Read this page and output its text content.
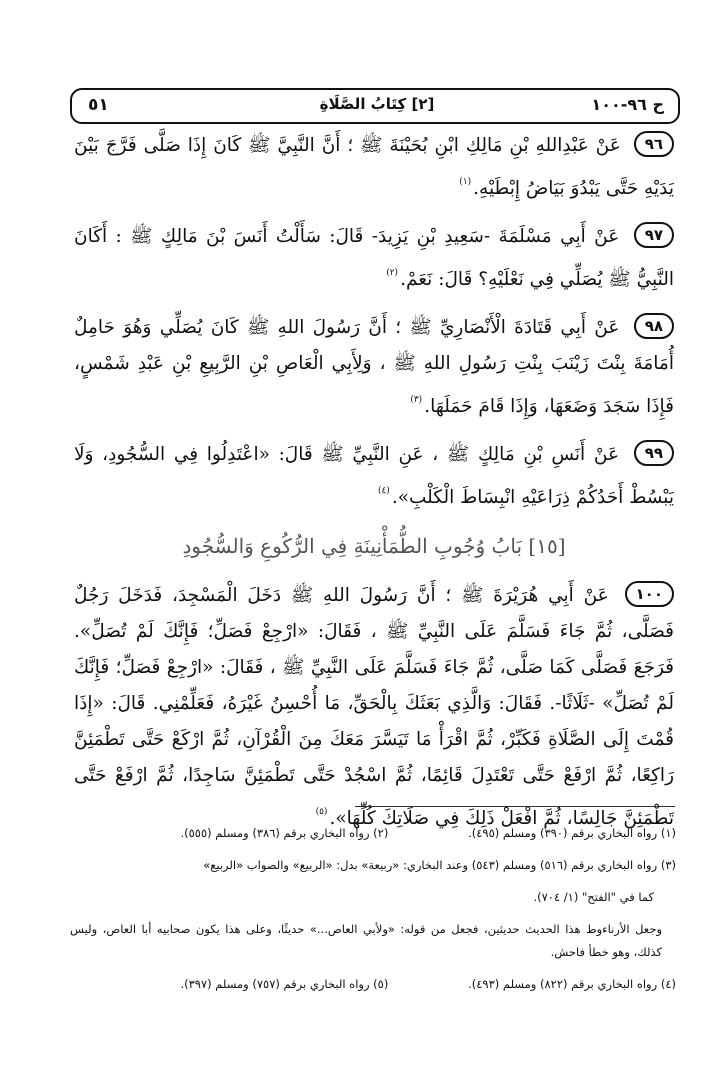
٥١	[٢] كِتَابُ الصَّلَاةِ	ح ٩٦-١٠٠

٩٦ عَنْ عَبْدِاللهِ بْنِ مَالِكِ ابْنِ بُحَيْنَةَ ﷺ ؛ أَنَّ النَّبِيَّ ﷺ كَانَ إِذَا صَلَّى فَرَّجَ بَيْنَ يَدَيْهِ حَتَّى يَبْدُوَ بَيَاضُ إِبْطَيْهِ.$^{(١)}$

٩٧ عَنْ أَبِي مَسْلَمَةَ -سَعِيدِ بْنِ يَزِيدَ- قَالَ: سَأَلْتُ أَنَسَ بْنَ مَالِكٍ ﷺ : أَكَانَ النَّبِيُّ ﷺ يُصَلِّي فِي نَعْلَيْهِ؟ قَالَ: نَعَمْ.$^{(٢)}$

٩٨ عَنْ أَبِي قَتَادَةَ الْأَنْصَارِيِّ ﷺ ؛ أَنَّ رَسُولَ اللهِ ﷺ كَانَ يُصَلِّي وَهُوَ حَامِلٌ أُمَامَةَ بِنْتَ زَيْنَبَ بِنْتِ رَسُولِ اللهِ ﷺ ، وَلِأَبِي الْعَاصِ بْنِ الرَّبِيعِ بْنِ عَبْدِ شَمْسٍ، فَإِذَا سَجَدَ وَضَعَهَا، وَإِذَا قَامَ حَمَلَهَا.$^{(٣)}$

٩٩ عَنْ أَنَسِ بْنِ مَالِكٍ ﷺ ، عَنِ النَّبِيِّ ﷺ قَالَ: «اعْتَدِلُوا فِي السُّجُودِ، وَلَا يَبْسُطْ أَحَدُكُمْ ذِرَاعَيْهِ انْبِسَاطَ الْكَلْبِ».$^{(٤)}$

[١٥] بَابُ وُجُوبِ الطُّمَأْنِينَةِ فِي الرُّكُوعِ وَالسُّجُودِ

١٠٠ عَنْ أَبِي هُرَيْرَةَ ﷺ ؛ أَنَّ رَسُولَ اللهِ ﷺ دَخَلَ الْمَسْجِدَ، فَدَخَلَ رَجُلٌ فَصَلَّى، ثُمَّ جَاءَ فَسَلَّمَ عَلَى النَّبِيِّ ﷺ ، فَقَالَ: «ارْجِعْ فَصَلِّ؛ فَإِنَّكَ لَمْ تُصَلِّ». فَرَجَعَ فَصَلَّى كَمَا صَلَّى، ثُمَّ جَاءَ فَسَلَّمَ عَلَى النَّبِيِّ ﷺ ، فَقَالَ: «ارْجِعْ فَصَلِّ؛ فَإِنَّكَ لَمْ تُصَلِّ» -ثَلَاثًا-. فَقَالَ: وَالَّذِي بَعَثَكَ بِالْحَقِّ، مَا أُحْسِنُ غَيْرَهُ، فَعَلِّمْنِي. قَالَ: «إِذَا قُمْتَ إِلَى الصَّلَاةِ فَكَبِّرْ، ثُمَّ اقْرَأْ مَا تَيَسَّرَ مَعَكَ مِنَ الْقُرْآنِ، ثُمَّ ارْكَعْ حَتَّى تَطْمَئِنَّ رَاكِعًا، ثُمَّ ارْفَعْ حَتَّى تَعْتَدِلَ قَائِمًا، ثُمَّ اسْجُدْ حَتَّى تَطْمَئِنَّ سَاجِدًا، ثُمَّ ارْفَعْ حَتَّى تَطْمَئِنَّ جَالِسًا، ثُمَّ افْعَلْ ذَلِكَ فِي صَلَاتِكَ كُلِّهَا».$^{(٥)}$

(١) رواه البخاري برقم (٣٩٠) ومسلم (٤٩٥). (٢) رواه البخاري برقم (٣٨٦) ومسلم (٥٥٥).
(٣) رواه البخاري برقم (٥١٦) ومسلم (٥٤٣) وعند البخاري: «ربيعة» بدل: «الربيع» والصواب «الربيع»
كما في "الفتح" (١/ ٧٠٤).
وجعل الأرناءوط هذا الحديث حديثين، فجعل من قوله: «ولأبي العاص...» حديثًا، وعلى هذا يكون صحابيه أبا العاص، وليس كذلك، وهو خطأ فاحش.
(٤) رواه البخاري برقم (٨٢٢) ومسلم (٤٩٣). (٥) رواه البخاري برقم (٧٥٧) ومسلم (٣٩٧).
